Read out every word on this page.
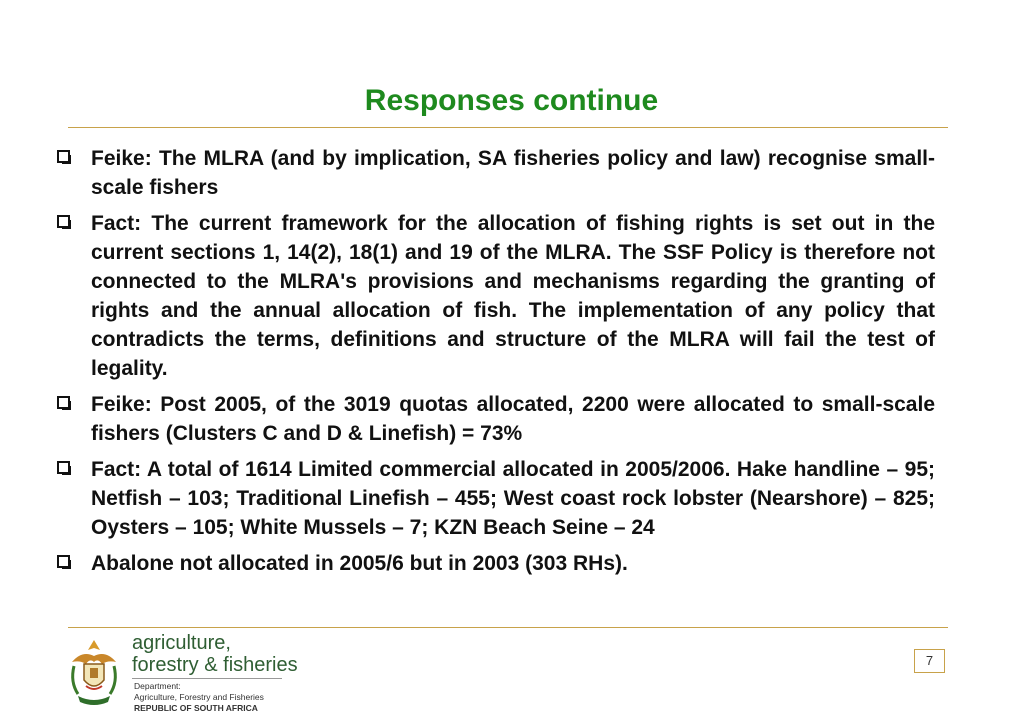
Responses continue
Feike: The MLRA (and by implication, SA fisheries policy and law) recognise small-scale fishers
Fact: The current framework for the allocation of fishing rights is set out in the current sections 1, 14(2), 18(1) and 19 of the MLRA. The SSF Policy is therefore not connected to the MLRA's provisions and mechanisms regarding the granting of rights and the annual allocation of fish. The implementation of any policy that contradicts the terms, definitions and structure of the MLRA will fail the test of legality.
Feike: Post 2005, of the 3019 quotas allocated, 2200 were allocated to small-scale fishers (Clusters C and D & Linefish) = 73%
Fact: A total of 1614 Limited commercial allocated in 2005/2006. Hake handline – 95; Netfish – 103; Traditional Linefish – 455; West coast rock lobster (Nearshore) – 825; Oysters – 105; White Mussels – 7; KZN Beach Seine – 24
Abalone not allocated in 2005/6 but in 2003 (303 RHs).
agriculture,
forestry & fisheries
Department:
Agriculture, Forestry and Fisheries
REPUBLIC OF SOUTH AFRICA
7
